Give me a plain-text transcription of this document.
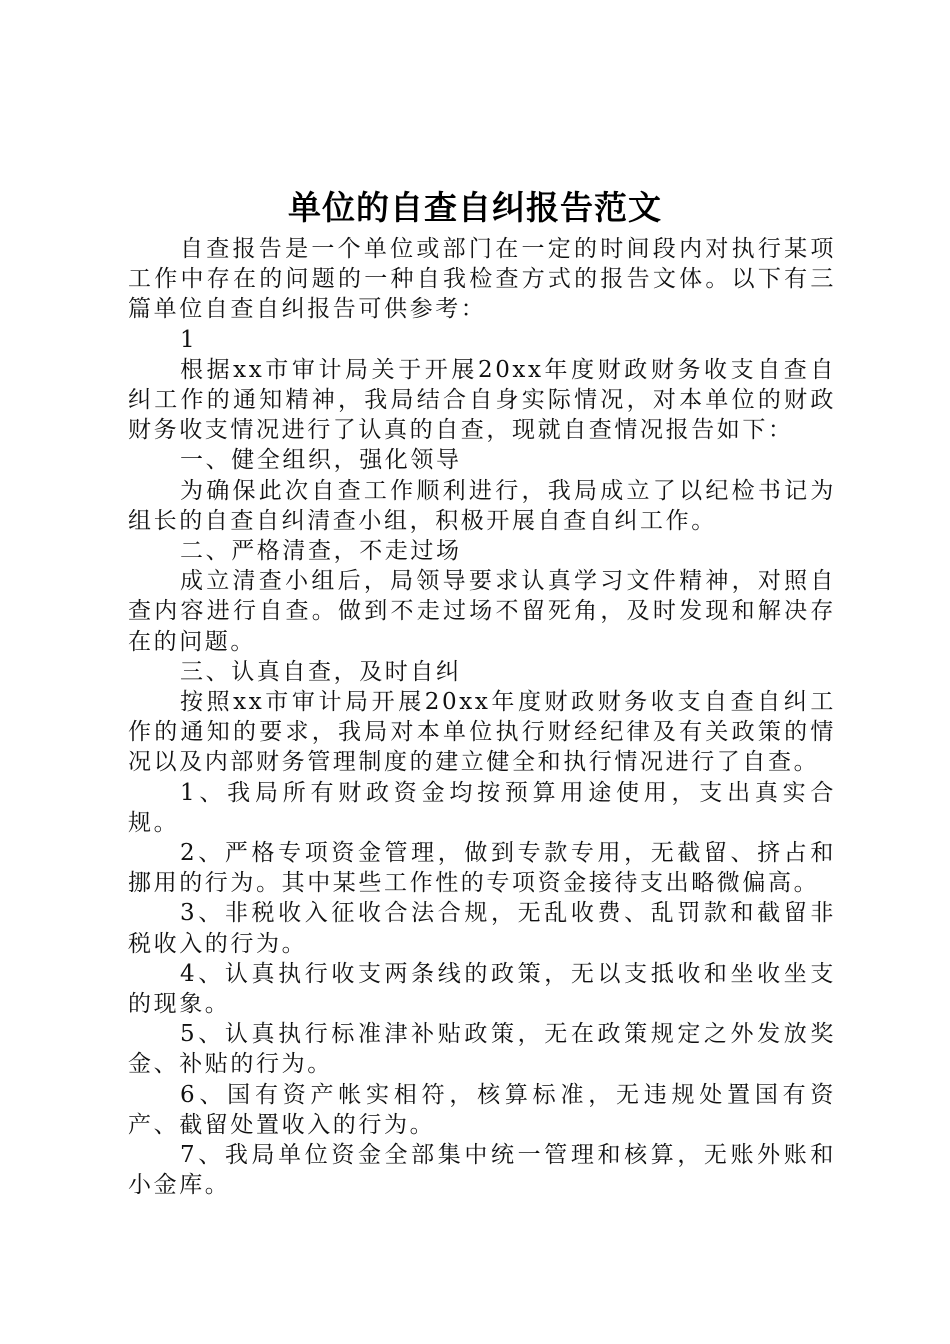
单位的自查自纠报告范文

自查报告是一个单位或部门在一定的时间段内对执行某项工作中存在的问题的一种自我检查方式的报告文体。以下有三篇单位自查自纠报告可供参考：

1

根据xx市审计局关于开展20xx年度财政财务收支自查自纠工作的通知精神，我局结合自身实际情况，对本单位的财政财务收支情况进行了认真的自查，现就自查情况报告如下：

一、健全组织，强化领导

为确保此次自查工作顺利进行，我局成立了以纪检书记为组长的自查自纠清查小组，积极开展自查自纠工作。

二、严格清查，不走过场

成立清查小组后，局领导要求认真学习文件精神，对照自查内容进行自查。做到不走过场不留死角，及时发现和解决存在的问题。

三、认真自查，及时自纠

按照xx市审计局开展20xx年度财政财务收支自查自纠工作的通知的要求，我局对本单位执行财经纪律及有关政策的情况以及内部财务管理制度的建立健全和执行情况进行了自查。

1、我局所有财政资金均按预算用途使用，支出真实合规。

2、严格专项资金管理，做到专款专用，无截留、挤占和挪用的行为。其中某些工作性的专项资金接待支出略微偏高。

3、非税收入征收合法合规，无乱收费、乱罚款和截留非税收入的行为。

4、认真执行收支两条线的政策，无以支抵收和坐收坐支的现象。

5、认真执行标准津补贴政策，无在政策规定之外发放奖金、补贴的行为。

6、国有资产帐实相符，核算标准，无违规处置国有资产、截留处置收入的行为。

7、我局单位资金全部集中统一管理和核算，无账外账和小金库。
